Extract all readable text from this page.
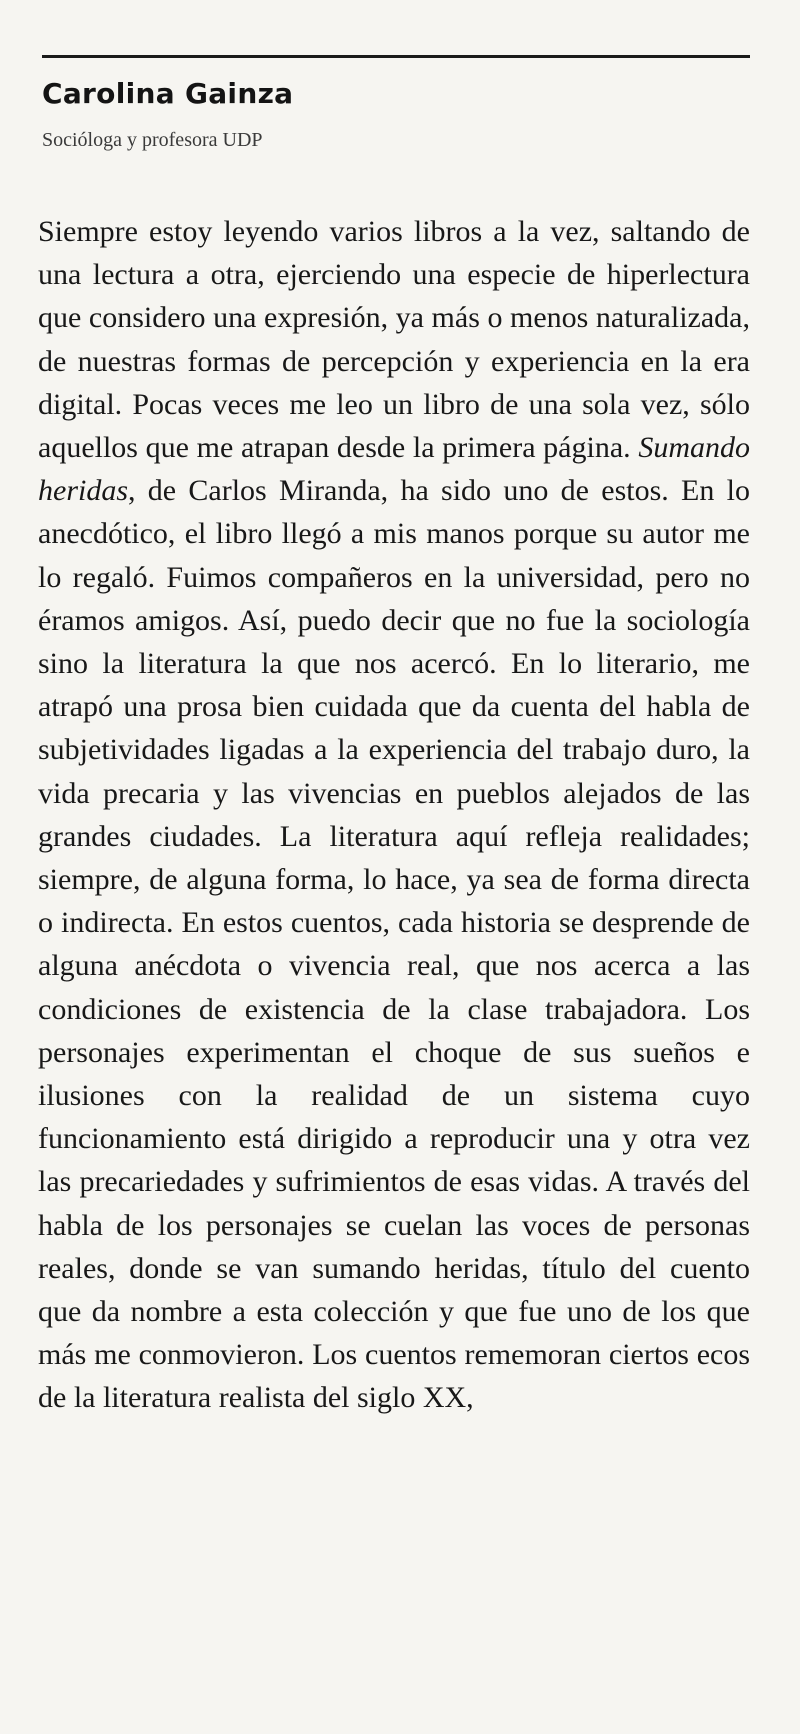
Carolina Gainza
Socióloga y profesora UDP

Siempre estoy leyendo varios libros a la vez, saltando de una lectura a otra, ejerciendo una especie de hiperlectura que considero una expresión, ya más o menos naturalizada, de nuestras formas de percepción y experiencia en la era digital. Pocas veces me leo un libro de una sola vez, sólo aquellos que me atrapan desde la primera página. Sumando heridas, de Carlos Miranda, ha sido uno de estos. En lo anecdótico, el libro llegó a mis manos porque su autor me lo regaló. Fuimos compañeros en la universidad, pero no éramos amigos. Así, puedo decir que no fue la sociología sino la literatura la que nos acercó. En lo literario, me atrapó una prosa bien cuidada que da cuenta del habla de subjetividades ligadas a la experiencia del trabajo duro, la vida precaria y las vivencias en pueblos alejados de las grandes ciudades. La literatura aquí refleja realidades; siempre, de alguna forma, lo hace, ya sea de forma directa o indirecta. En estos cuentos, cada historia se desprende de alguna anécdota o vivencia real, que nos acerca a las condiciones de existencia de la clase trabajadora. Los personajes experimentan el choque de sus sueños e ilusiones con la realidad de un sistema cuyo funcionamiento está dirigido a reproducir una y otra vez las precariedades y sufrimientos de esas vidas. A través del habla de los personajes se cuelan las voces de personas reales, donde se van sumando heridas, título del cuento que da nombre a esta colección y que fue uno de los que más me conmovieron. Los cuentos rememoran ciertos ecos de la literatura realista del siglo XX,
